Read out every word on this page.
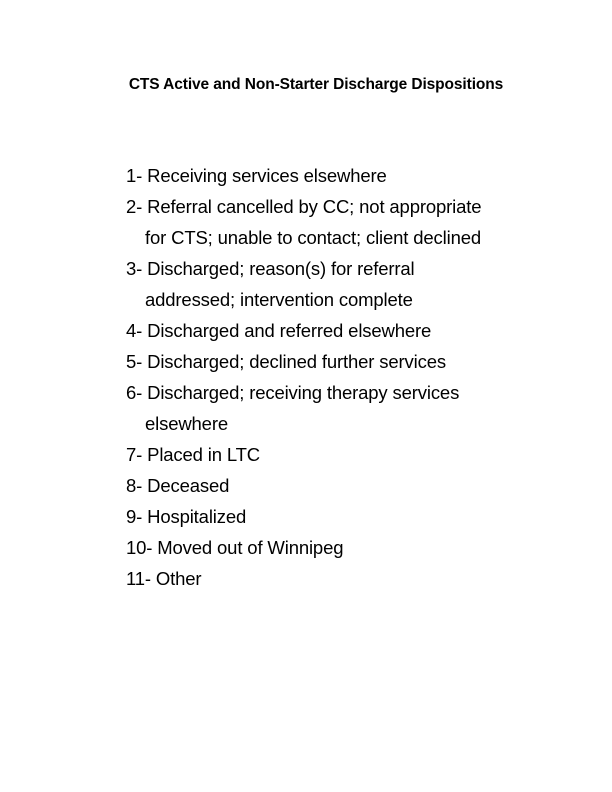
CTS Active and Non-Starter Discharge Dispositions
1- Receiving services elsewhere
2- Referral cancelled by CC; not appropriate
for CTS; unable to contact; client declined
3- Discharged; reason(s) for referral
addressed; intervention complete
4- Discharged and referred elsewhere
5- Discharged; declined further services
6- Discharged; receiving therapy services
elsewhere
7- Placed in LTC
8- Deceased
9- Hospitalized
10- Moved out of Winnipeg
11- Other
